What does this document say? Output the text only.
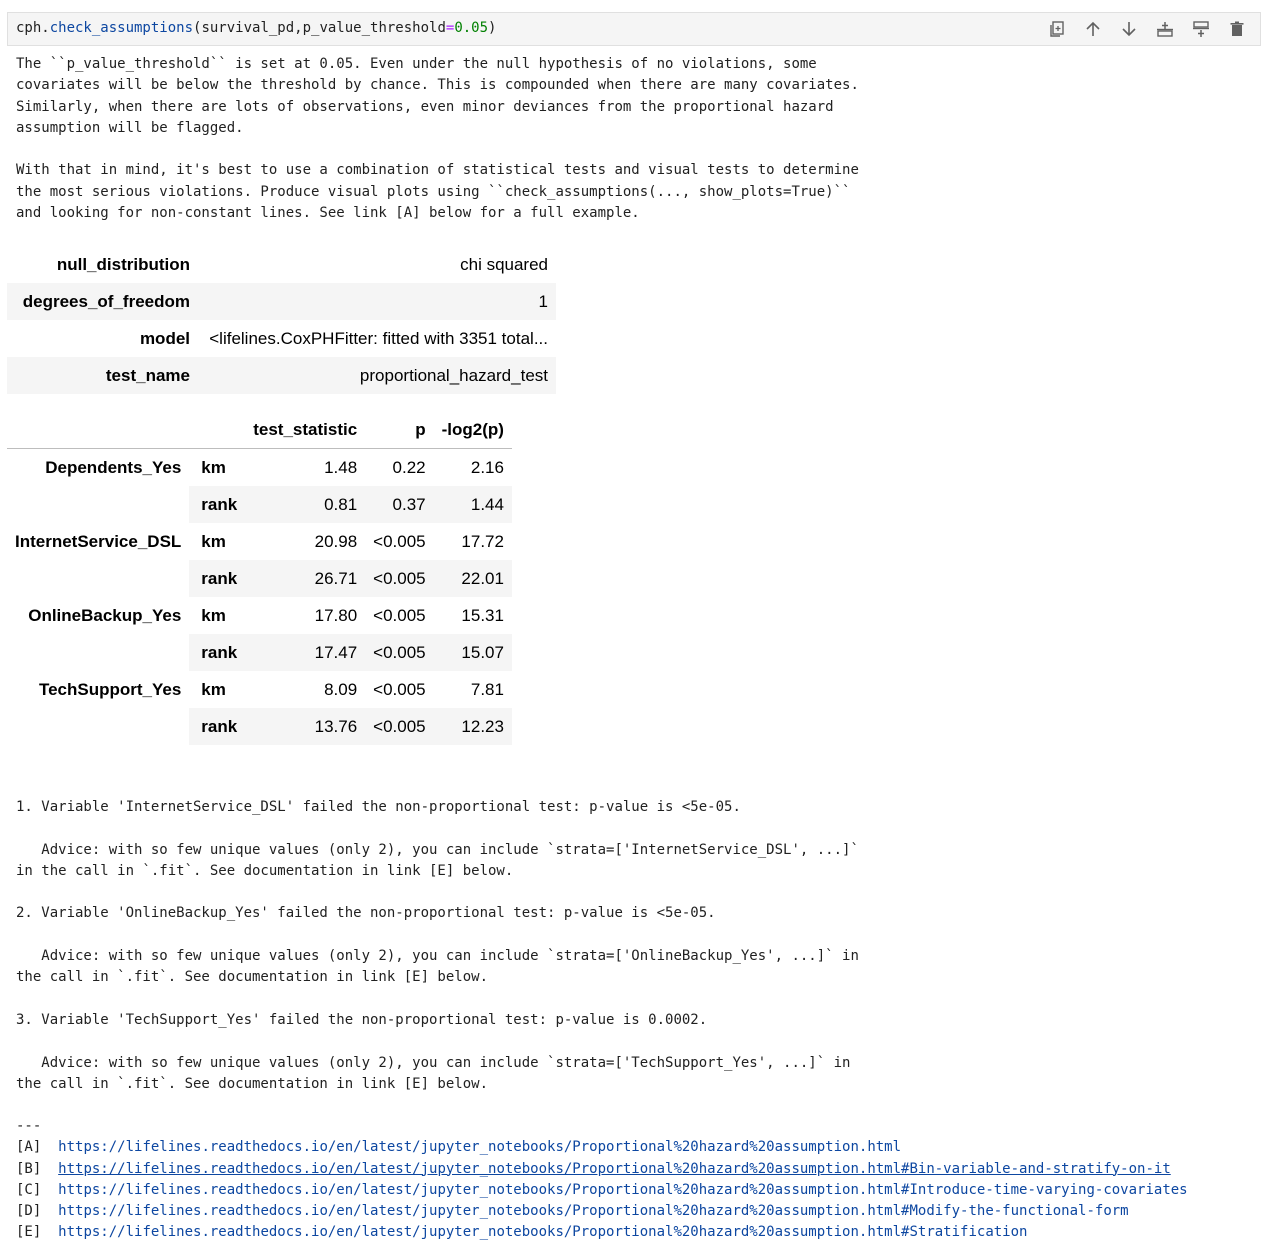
cph.check_assumptions(survival_pd,p_value_threshold=0.05)
The ``p_value_threshold`` is set at 0.05. Even under the null hypothesis of no violations, some
covariates will be below the threshold by chance. This is compounded when there are many covariates.
Similarly, when there are lots of observations, even minor deviances from the proportional hazard
assumption will be flagged.

With that in mind, it's best to use a combination of statistical tests and visual tests to determine
the most serious violations. Produce visual plots using ``check_assumptions(..., show_plots=True)``
and looking for non-constant lines. See link [A] below for a full example.
null_distribution	chi squared
degrees_of_freedom	1
model	<lifelines.CoxPHFitter: fitted with 3351 total...
test_name	proportional_hazard_test
		test_statistic	p	-log2(p)
Dependents_Yes	km	1.48	0.22	2.16
	rank	0.81	0.37	1.44
InternetService_DSL	km	20.98	<0.005	17.72
	rank	26.71	<0.005	22.01
OnlineBackup_Yes	km	17.80	<0.005	15.31
	rank	17.47	<0.005	15.07
TechSupport_Yes	km	8.09	<0.005	7.81
	rank	13.76	<0.005	12.23
1. Variable 'InternetService_DSL' failed the non-proportional test: p-value is <5e-05.

Advice: with so few unique values (only 2), you can include `strata=['InternetService_DSL', ...]`
in the call in `.fit`. See documentation in link [E] below.

2. Variable 'OnlineBackup_Yes' failed the non-proportional test: p-value is <5e-05.

Advice: with so few unique values (only 2), you can include `strata=['OnlineBackup_Yes', ...]` in
the call in `.fit`. See documentation in link [E] below.

3. Variable 'TechSupport_Yes' failed the non-proportional test: p-value is 0.0002.

Advice: with so few unique values (only 2), you can include `strata=['TechSupport_Yes', ...]` in
the call in `.fit`. See documentation in link [E] below.
---
[A] https://lifelines.readthedocs.io/en/latest/jupyter_notebooks/Proportional%20hazard%20assumption.html
[B] https://lifelines.readthedocs.io/en/latest/jupyter_notebooks/Proportional%20hazard%20assumption.html#Bin-variable-and-stratify-on-it
[C] https://lifelines.readthedocs.io/en/latest/jupyter_notebooks/Proportional%20hazard%20assumption.html#Introduce-time-varying-covariates
[D] https://lifelines.readthedocs.io/en/latest/jupyter_notebooks/Proportional%20hazard%20assumption.html#Modify-the-functional-form
[E] https://lifelines.readthedocs.io/en/latest/jupyter_notebooks/Proportional%20hazard%20assumption.html#Stratification
